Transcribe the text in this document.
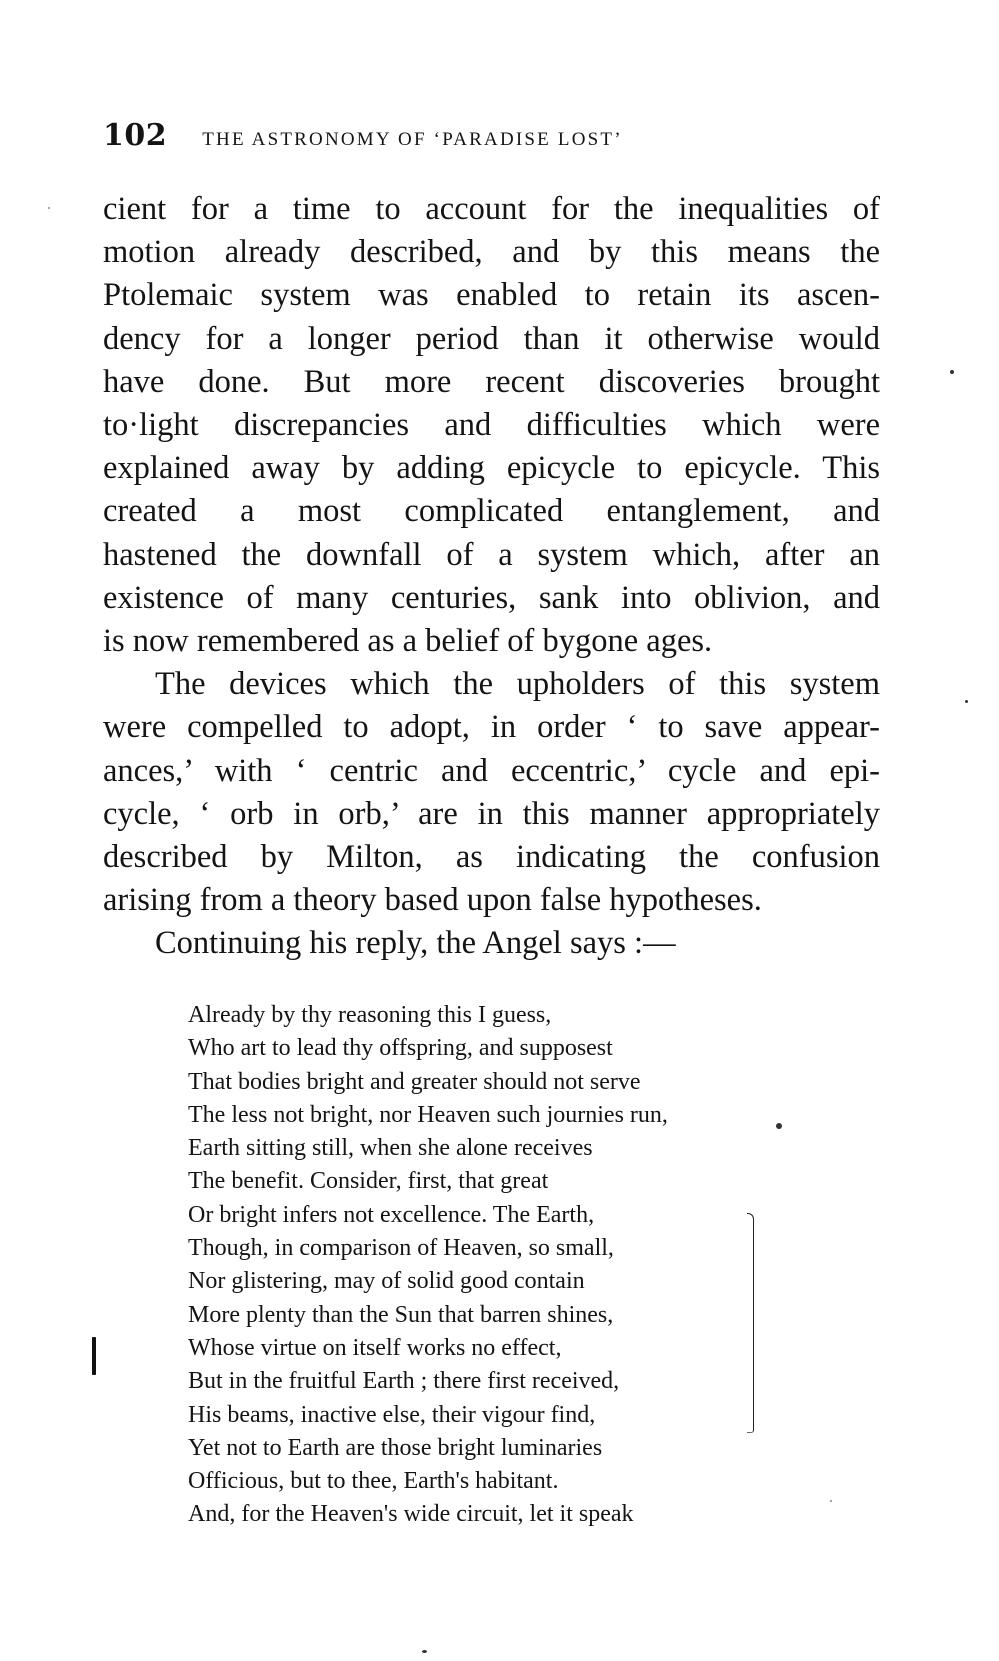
102 THE ASTRONOMY OF ‘PARADISE LOST’
cient for a time to account for the inequalities of
motion already described, and by this means the
Ptolemaic system was enabled to retain its ascen-
dency for a longer period than it otherwise would
have done. But more recent discoveries brought
to·light discrepancies and difficulties which were
explained away by adding epicycle to epicycle. This
created a most complicated entanglement, and
hastened the downfall of a system which, after an
existence of many centuries, sank into oblivion, and
is now remembered as a belief of bygone ages.
The devices which the upholders of this system
were compelled to adopt, in order ‘ to save appear-
ances,’ with ‘ centric and eccentric,’ cycle and epi-
cycle, ‘ orb in orb,’ are in this manner appropriately
described by Milton, as indicating the confusion
arising from a theory based upon false hypotheses.
Continuing his reply, the Angel says :—
Already by thy reasoning this I guess,
Who art to lead thy offspring, and supposest
That bodies bright and greater should not serve
The less not bright, nor Heaven such journies run,
Earth sitting still, when she alone receives
The benefit. Consider, first, that great
Or bright infers not excellence. The Earth,
Though, in comparison of Heaven, so small,
Nor glistering, may of solid good contain
More plenty than the Sun that barren shines,
Whose virtue on itself works no effect,
But in the fruitful Earth ; there first received,
His beams, inactive else, their vigour find,
Yet not to Earth are those bright luminaries
Officious, but to thee, Earth's habitant.
And, for the Heaven's wide circuit, let it speak
